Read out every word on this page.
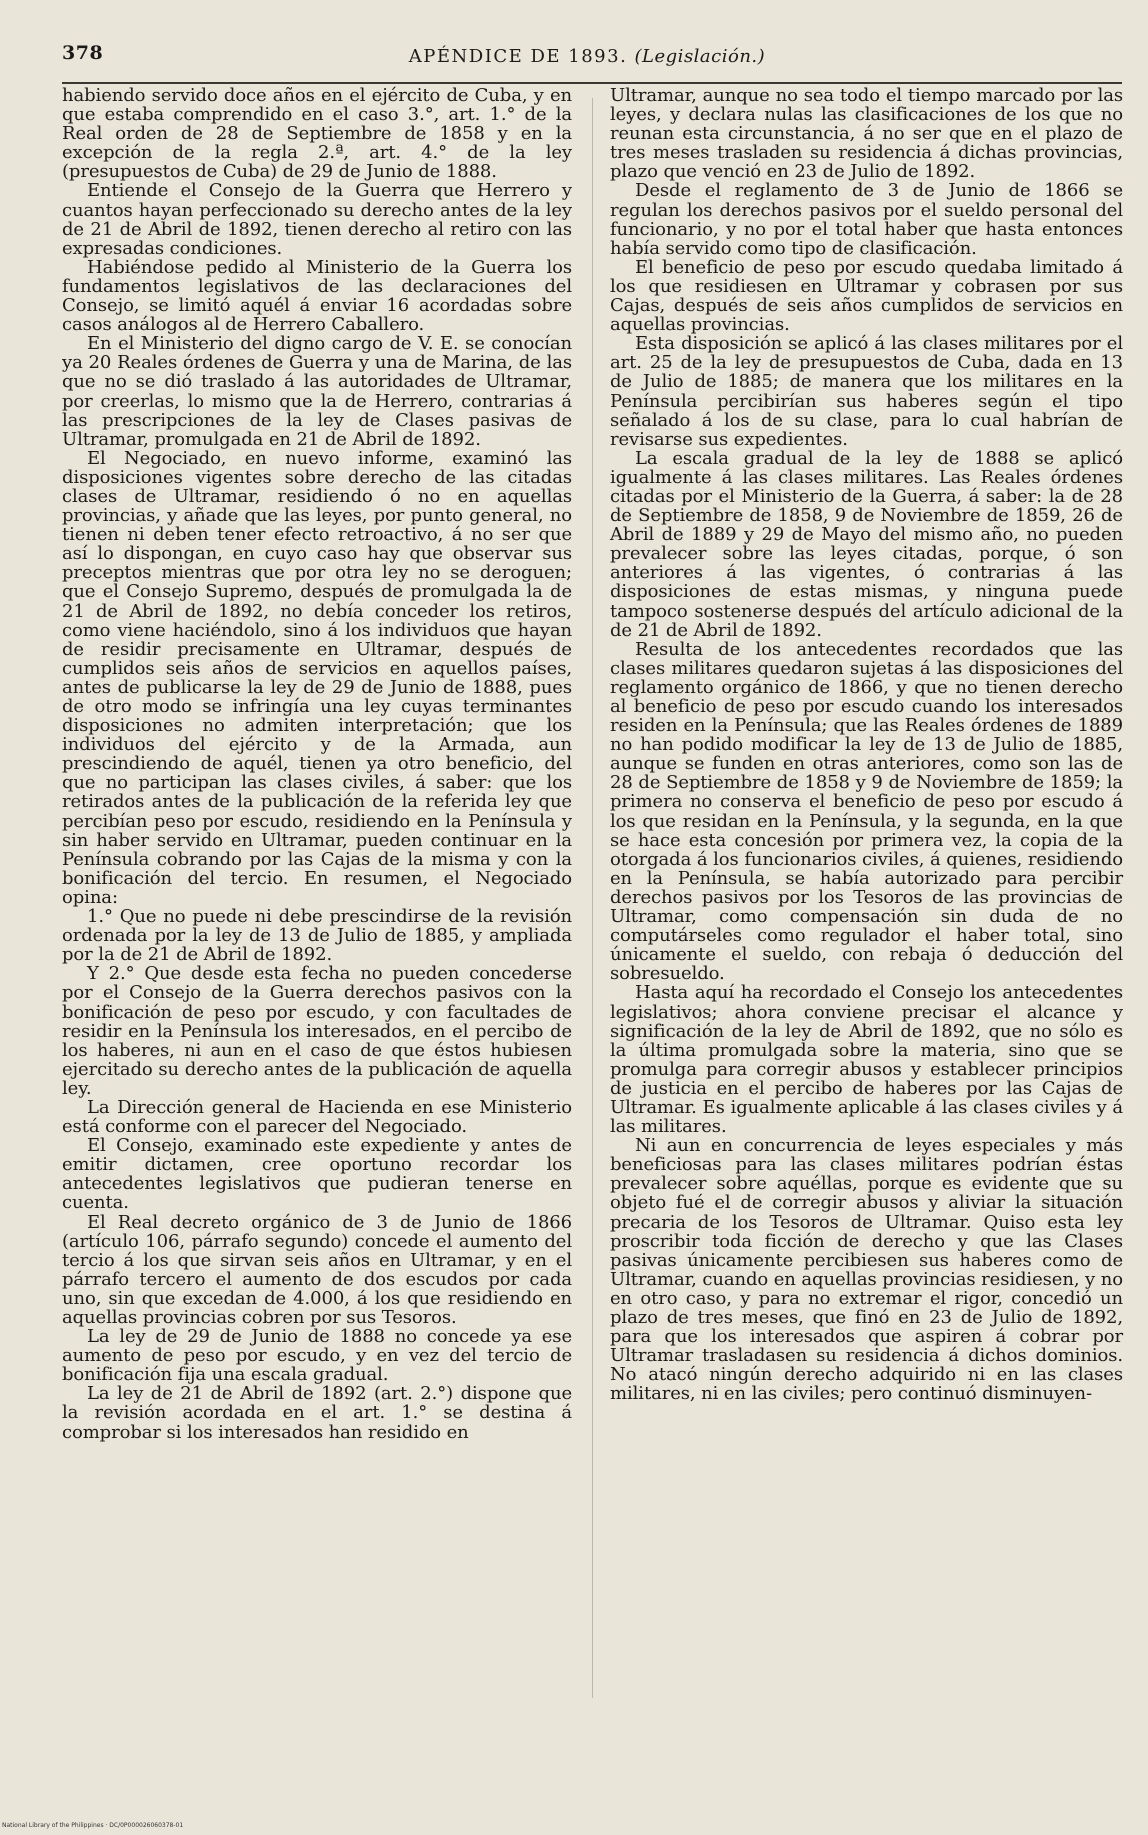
378	APÉNDICE DE 1893. (Legislación.)

habiendo servido doce años en el ejército de Cuba, y en que estaba comprendido en el caso 3.°, art. 1.° de la Real orden de 28 de Septiembre de 1858 y en la excepción de la regla 2.ª, art. 4.° de la ley (presupuestos de Cuba) de 29 de Junio de 1888.

Entiende el Consejo de la Guerra que Herrero y cuantos hayan perfeccionado su derecho antes de la ley de 21 de Abril de 1892, tienen derecho al retiro con las expresadas condiciones.

Habiéndose pedido al Ministerio de la Guerra los fundamentos legislativos de las declaraciones del Consejo, se limitó aquél á enviar 16 acordadas sobre casos análogos al de Herrero Caballero.

En el Ministerio del digno cargo de V. E. se conocían ya 20 Reales órdenes de Guerra y una de Marina, de las que no se dió traslado á las autoridades de Ultramar, por creerlas, lo mismo que la de Herrero, contrarias á las prescripciones de la ley de Clases pasivas de Ultramar, promulgada en 21 de Abril de 1892.

El Negociado, en nuevo informe, examinó las disposiciones vigentes sobre derecho de las citadas clases de Ultramar, residiendo ó no en aquellas provincias, y añade que las leyes, por punto general, no tienen ni deben tener efecto retroactivo, á no ser que así lo dispongan, en cuyo caso hay que observar sus preceptos mientras que por otra ley no se deroguen; que el Consejo Supremo, después de promulgada la de 21 de Abril de 1892, no debía conceder los retiros, como viene haciéndolo, sino á los individuos que hayan de residir precisamente en Ultramar, después de cumplidos seis años de servicios en aquellos países, antes de publicarse la ley de 29 de Junio de 1888, pues de otro modo se infringía una ley cuyas terminantes disposiciones no admiten interpretación; que los individuos del ejército y de la Armada, aun prescindiendo de aquél, tienen ya otro beneficio, del que no participan las clases civiles, á saber: que los retirados antes de la publicación de la referida ley que percibían peso por escudo, residiendo en la Península y sin haber servido en Ultramar, pueden continuar en la Península cobrando por las Cajas de la misma y con la bonificación del tercio. En resumen, el Negociado opina:

1.° Que no puede ni debe prescindirse de la revisión ordenada por la ley de 13 de Julio de 1885, y ampliada por la de 21 de Abril de 1892.

Y 2.° Que desde esta fecha no pueden concederse por el Consejo de la Guerra derechos pasivos con la bonificación de peso por escudo, y con facultades de residir en la Península los interesados, en el percibo de los haberes, ni aun en el caso de que éstos hubiesen ejercitado su derecho antes de la publicación de aquella ley.

La Dirección general de Hacienda en ese Ministerio está conforme con el parecer del Negociado.

El Consejo, examinado este expediente y antes de emitir dictamen, cree oportuno recordar los antecedentes legislativos que pudieran tenerse en cuenta.

El Real decreto orgánico de 3 de Junio de 1866 (artículo 106, párrafo segundo) concede el aumento del tercio á los que sirvan seis años en Ultramar, y en el párrafo tercero el aumento de dos escudos por cada uno, sin que excedan de 4.000, á los que residiendo en aquellas provincias cobren por sus Tesoros.

La ley de 29 de Junio de 1888 no concede ya ese aumento de peso por escudo, y en vez del tercio de bonificación fija una escala gradual.

La ley de 21 de Abril de 1892 (art. 2.°) dispone que la revisión acordada en el art. 1.° se destina á comprobar si los interesados han residido en

Ultramar, aunque no sea todo el tiempo marcado por las leyes, y declara nulas las clasificaciones de los que no reunan esta circunstancia, á no ser que en el plazo de tres meses trasladen su residencia á dichas provincias, plazo que venció en 23 de Julio de 1892.

Desde el reglamento de 3 de Junio de 1866 se regulan los derechos pasivos por el sueldo personal del funcionario, y no por el total haber que hasta entonces había servido como tipo de clasificación.

El beneficio de peso por escudo quedaba limitado á los que residiesen en Ultramar y cobrasen por sus Cajas, después de seis años cumplidos de servicios en aquellas provincias.

Esta disposición se aplicó á las clases militares por el art. 25 de la ley de presupuestos de Cuba, dada en 13 de Julio de 1885; de manera que los militares en la Península percibirían sus haberes según el tipo señalado á los de su clase, para lo cual habrían de revisarse sus expedientes.

La escala gradual de la ley de 1888 se aplicó igualmente á las clases militares. Las Reales órdenes citadas por el Ministerio de la Guerra, á saber: la de 28 de Septiembre de 1858, 9 de Noviembre de 1859, 26 de Abril de 1889 y 29 de Mayo del mismo año, no pueden prevalecer sobre las leyes citadas, porque, ó son anteriores á las vigentes, ó contrarias á las disposiciones de estas mismas, y ninguna puede tampoco sostenerse después del artículo adicional de la de 21 de Abril de 1892.

Resulta de los antecedentes recordados que las clases militares quedaron sujetas á las disposiciones del reglamento orgánico de 1866, y que no tienen derecho al beneficio de peso por escudo cuando los interesados residen en la Península; que las Reales órdenes de 1889 no han podido modificar la ley de 13 de Julio de 1885, aunque se funden en otras anteriores, como son las de 28 de Septiembre de 1858 y 9 de Noviembre de 1859; la primera no conserva el beneficio de peso por escudo á los que residan en la Península, y la segunda, en la que se hace esta concesión por primera vez, la copia de la otorgada á los funcionarios civiles, á quienes, residiendo en la Península, se había autorizado para percibir derechos pasivos por los Tesoros de las provincias de Ultramar, como compensación sin duda de no computárseles como regulador el haber total, sino únicamente el sueldo, con rebaja ó deducción del sobresueldo.

Hasta aquí ha recordado el Consejo los antecedentes legislativos; ahora conviene precisar el alcance y significación de la ley de Abril de 1892, que no sólo es la última promulgada sobre la materia, sino que se promulga para corregir abusos y establecer principios de justicia en el percibo de haberes por las Cajas de Ultramar. Es igualmente aplicable á las clases civiles y á las militares.

Ni aun en concurrencia de leyes especiales y más beneficiosas para las clases militares podrían éstas prevalecer sobre aquéllas, porque es evidente que su objeto fué el de corregir abusos y aliviar la situación precaria de los Tesoros de Ultramar. Quiso esta ley proscribir toda ficción de derecho y que las Clases pasivas únicamente percibiesen sus haberes como de Ultramar, cuando en aquellas provincias residiesen, y no en otro caso, y para no extremar el rigor, concedió un plazo de tres meses, que finó en 23 de Julio de 1892, para que los interesados que aspiren á cobrar por Ultramar trasladasen su residencia á dichos dominios. No atacó ningún derecho adquirido ni en las clases militares, ni en las civiles; pero continuó disminuyen-

National Library of the Philippines · DC/0P000026060378-01
